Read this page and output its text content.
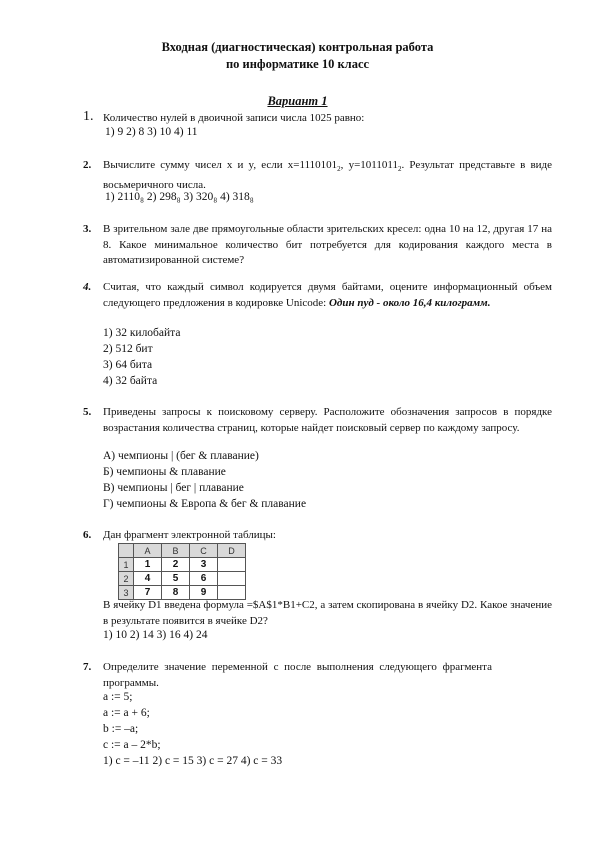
Входная (диагностическая) контрольная работа
по информатике 10 класс
Вариант 1
1. Количество нулей в двоичной записи числа 1025 равно:
1) 9 2) 8 3) 10 4) 11
2.	Вычислите сумму чисел x и y, если $x=1110101_2$, $y=1011011_2$. Результат представьте в виде восьмеричного числа.
1) 2110₈ 2) 298₈ 3) 320₈ 4) 318₈
3.	В зрительном зале две прямоугольные области зрительских кресел: одна 10 на 12, другая 17 на 8. Какое минимальное количество бит потребуется для кодирования каждого места в автоматизированной системе?
4.	Считая, что каждый символ кодируется двумя байтами, оцените информационный объем следующего предложения в кодировке Unicode: Один пуд - около 16,4 килограмм.
1) 32 килобайта
2) 512 бит
3) 64 бита
4) 32 байта
5.	Приведены запросы к поисковому серверу. Расположите обозначения запросов в порядке возрастания количества страниц, которые найдет поисковый сервер по каждому запросу.
А) чемпионы | (бег & плавание)
Б) чемпионы & плавание
В) чемпионы | бег | плавание
Г) чемпионы & Европа & бег & плавание
6.	Дан фрагмент электронной таблицы:
	A	B	C	D
1	1	2	3	
2	4	5	6	
3	7	8	9	
В ячейку D1 введена формула =$A$1*B1+C2, а затем скопирована в ячейку D2. Какое значение в результате появится в ячейке D2?
1) 10 2) 14 3) 16 4) 24
7.	Определите значение переменной c после выполнения следующего фрагмента программы.
a := 5;
a := a + 6;
b := –a;
c := a – 2*b;
1) c = –11 2) c = 15 3) c = 27 4) c = 33
